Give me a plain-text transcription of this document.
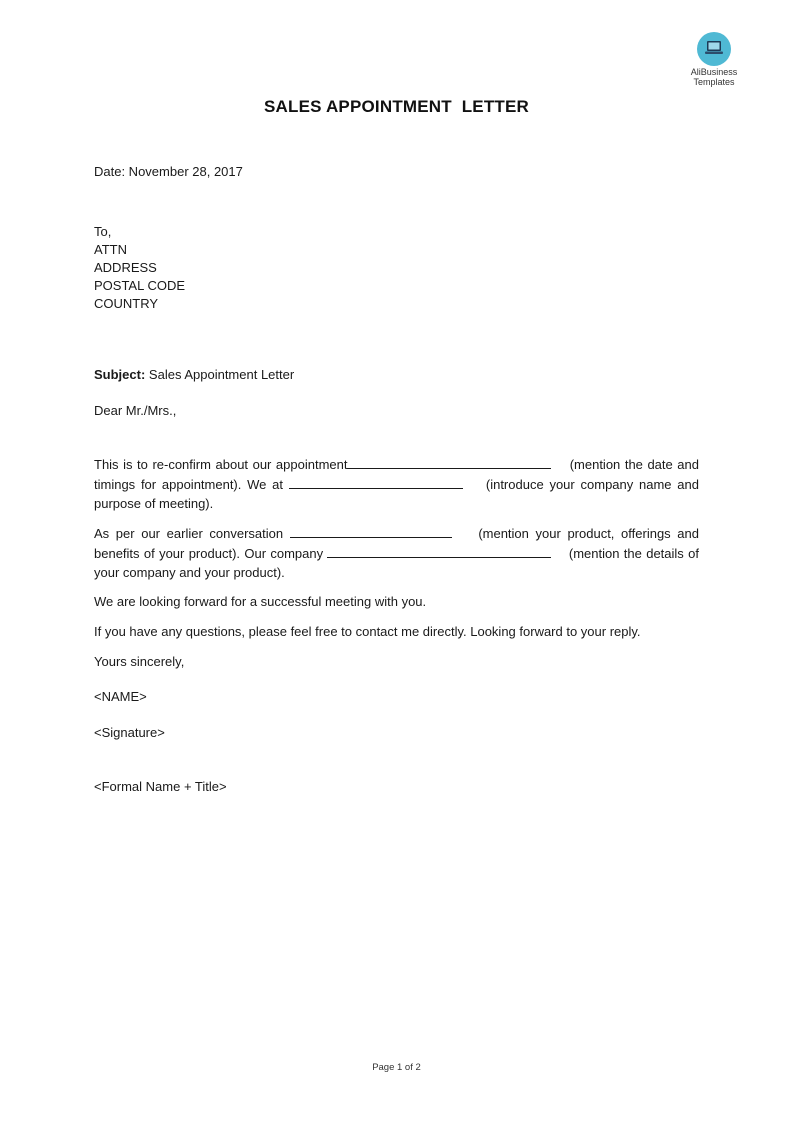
AliBusiness
Templates
SALES APPOINTMENT  LETTER
Date: November 28, 2017
To,
ATTN
ADDRESS
POSTAL CODE
COUNTRY
Subject: Sales Appointment Letter
Dear Mr./Mrs.,
This is to re-confirm about our appointment	(mention the date and timings for appointment). We at	(introduce your company name and purpose of meeting).
As per our earlier conversation	(mention your product, offerings and benefits of your product). Our company	(mention the details of your company and your product).
We are looking forward for a successful meeting with you.
If you have any questions, please feel free to contact me directly. Looking forward to your reply.
Yours sincerely,
<NAME>
<Signature>
<Formal Name + Title>
Page 1 of 2
